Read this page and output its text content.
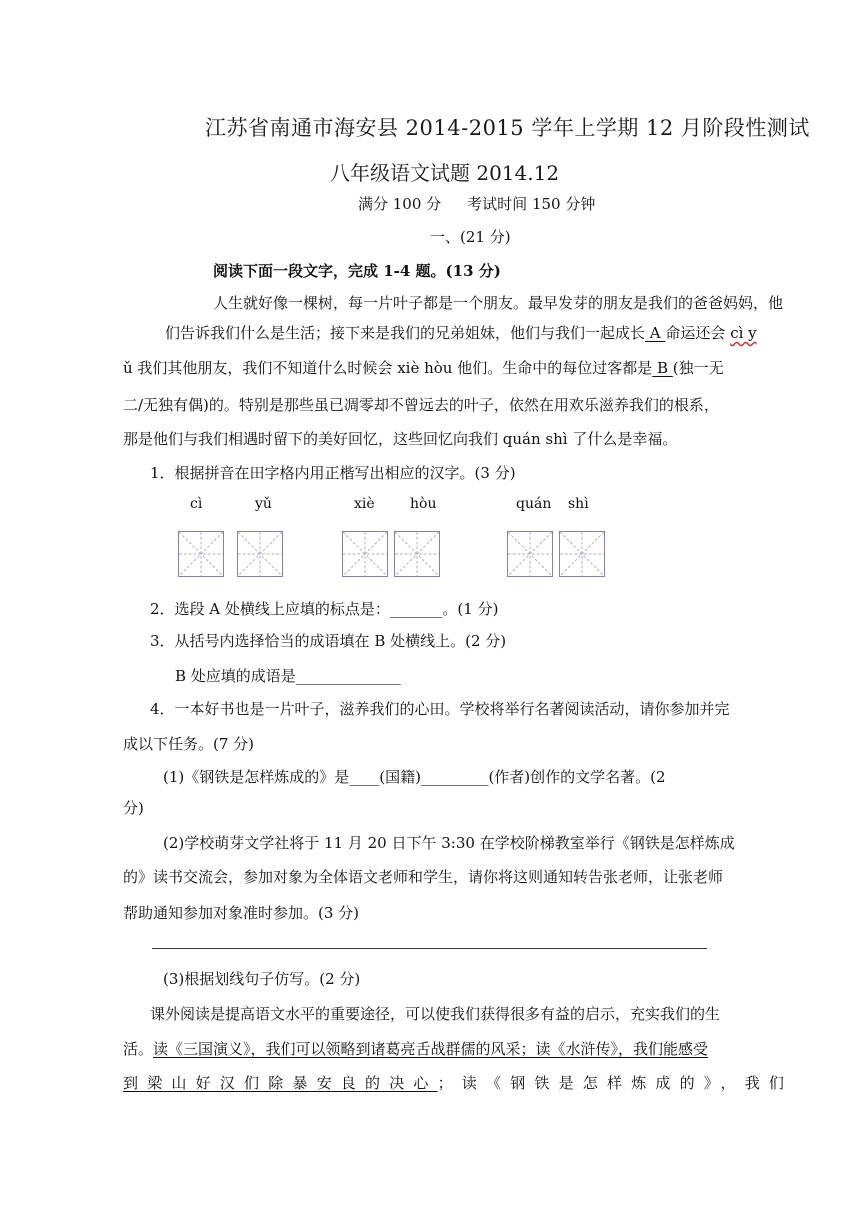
江苏省南通市海安县 2014-2015 学年上学期 12 月阶段性测试
八年级语文试题 2014.12
满分 100 分 考试时间 150 分钟
一、(21 分)
阅读下面一段文字，完成 1-4 题。(13 分)
人生就好像一棵树，每一片叶子都是一个朋友。最早发芽的朋友是我们的爸爸妈妈，他
们告诉我们什么是生活；接下来是我们的兄弟姐妹，他们与我们一起成长 A 命运还会 cì y
ǔ 我们其他朋友，我们不知道什么时候会 xiè hòu 他们。生命中的每位过客都是 B (独一无
二/无独有偶)的。特别是那些虽已凋零却不曾远去的叶子，依然在用欢乐滋养我们的根系，
那是他们与我们相遇时留下的美好回忆，这些回忆向我们 quán shì 了什么是幸福。
1．根据拼音在田字格内用正楷写出相应的汉字。(3 分)
cì	yǔ	xiè	hòu	quán shì
2．选段 A 处横线上应填的标点是：_______。(1 分)
3．从括号内选择恰当的成语填在 B 处横线上。(2 分)
B 处应填的成语是______________
4．一本好书也是一片叶子，滋养我们的心田。学校将举行名著阅读活动，请你参加并完
成以下任务。(7 分)
(1)《钢铁是怎样炼成的》是____(国籍)_________(作者)创作的文学名著。(2
分)
(2)学校萌芽文学社将于 11 月 20 日下午 3:30 在学校阶梯教室举行《钢铁是怎样炼成
的》读书交流会，参加对象为全体语文老师和学生，请你将这则通知转告张老师，让张老师
帮助通知参加对象准时参加。(3 分)
(3)根据划线句子仿写。(2 分)
课外阅读是提高语文水平的重要途径，可以使我们获得很多有益的启示，充实我们的生
活。读《三国演义》，我们可以领略到诸葛亮舌战群儒的风采；读《水浒传》，我们能感受
到梁山好汉们除暴安良的决心；读《钢铁是怎样炼成的》，我们
